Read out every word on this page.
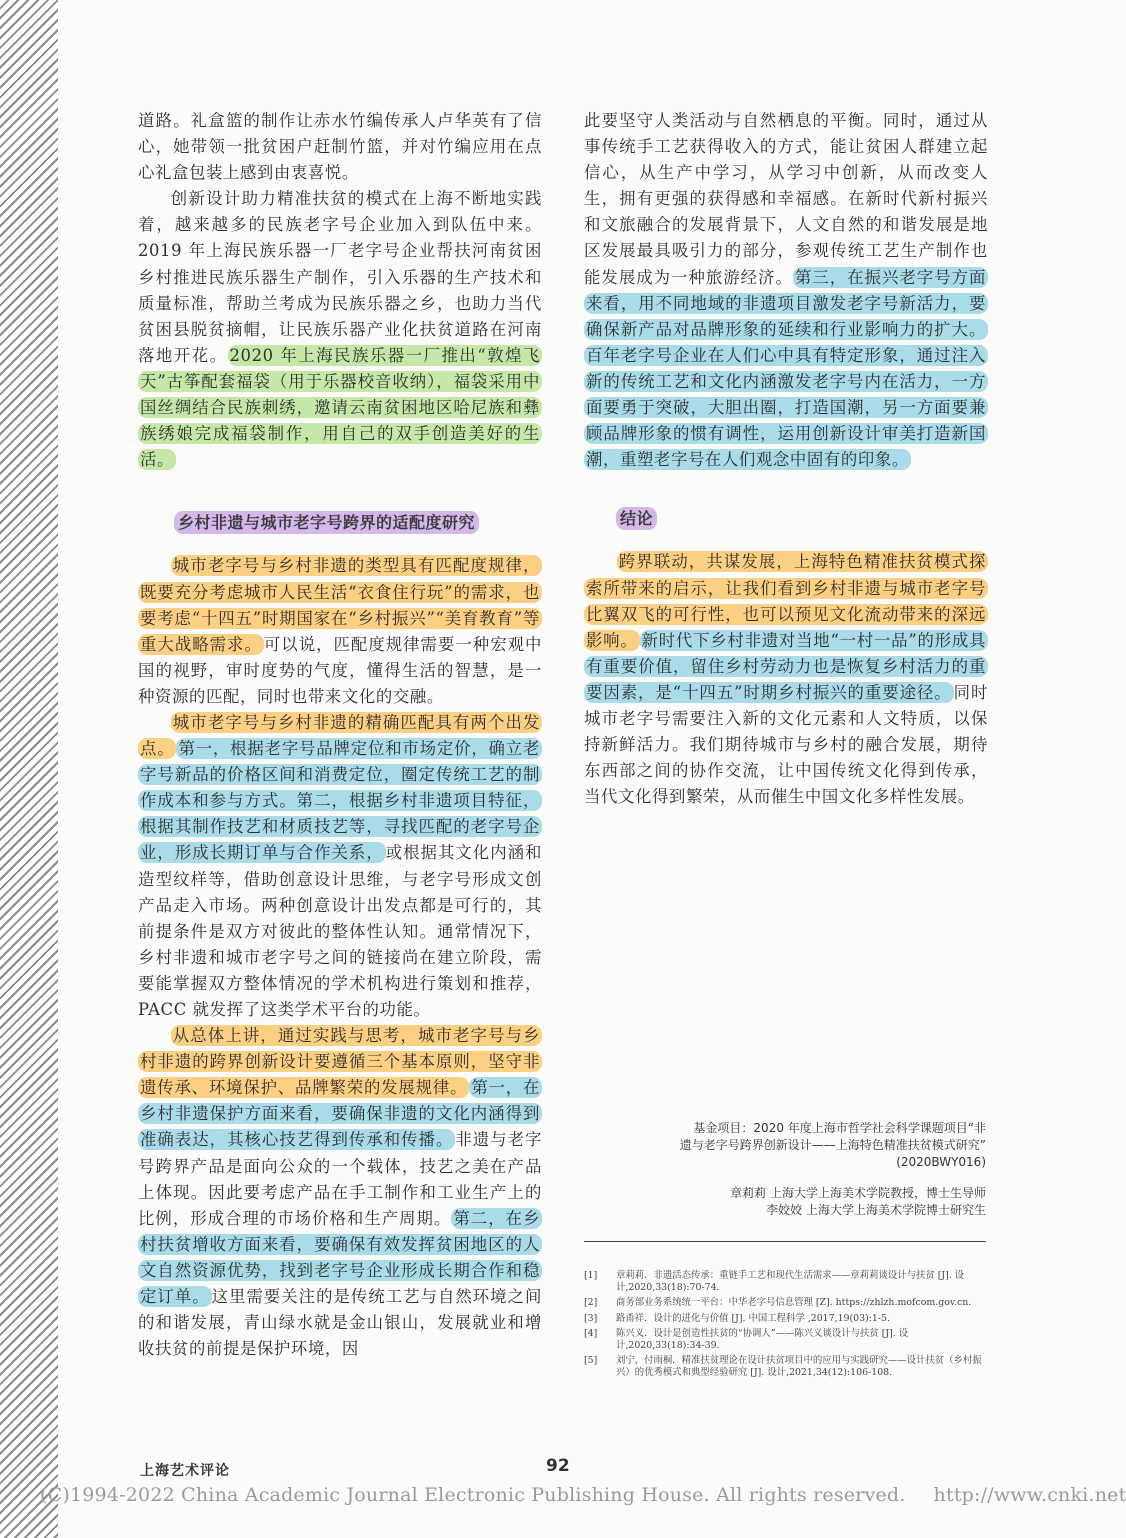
道路。礼盒篮的制作让赤水竹编传承人卢华英有了信心，她带领一批贫困户赶制竹篮，并对竹编应用在点心礼盒包装上感到由衷喜悦。

创新设计助力精准扶贫的模式在上海不断地实践着，越来越多的民族老字号企业加入到队伍中来。2019 年上海民族乐器一厂老字号企业帮扶河南贫困乡村推进民族乐器生产制作，引入乐器的生产技术和质量标准，帮助兰考成为民族乐器之乡，也助力当代贫困县脱贫摘帽，让民族乐器产业化扶贫道路在河南落地开花。 2020 年上海民族乐器一厂推出“敦煌飞天”古筝配套福袋（用于乐器校音收纳），福袋采用中国丝绸结合民族刺绣，邀请云南贫困地区哈尼族和彝族绣娘完成福袋制作，用自己的双手创造美好的生活。

乡村非遗与城市老字号跨界的适配度研究

城市老字号与乡村非遗的类型具有匹配度规律，既要充分考虑城市人民生活“衣食住行玩”的需求，也要考虑“十四五”时期国家在“乡村振兴”“美育教育”等重大战略需求。 可以说，匹配度规律需要一种宏观中国的视野，审时度势的气度，懂得生活的智慧，是一种资源的匹配，同时也带来文化的交融。

城市老字号与乡村非遗的精确匹配具有两个出发点。 第一，根据老字号品牌定位和市场定价，确立老字号新品的价格区间和消费定位，圈定传统工艺的制作成本和参与方式。第二，根据乡村非遗项目特征，根据其制作技艺和材质技艺等，寻找匹配的老字号企业，形成长期订单与合作关系， 或根据其文化内涵和造型纹样等，借助创意设计思维，与老字号形成文创产品走入市场。两种创意设计出发点都是可行的，其前提条件是双方对彼此的整体性认知。通常情况下，乡村非遗和城市老字号之间的链接尚在建立阶段，需要能掌握双方整体情况的学术机构进行策划和推荐，PACC 就发挥了这类学术平台的功能。

从总体上讲，通过实践与思考，城市老字号与乡村非遗的跨界创新设计要遵循三个基本原则，坚守非遗传承、环境保护、品牌繁荣的发展规律。 第一，在乡村非遗保护方面来看，要确保非遗的文化内涵得到准确表达，其核心技艺得到传承和传播。 非遗与老字号跨界产品是面向公众的一个载体，技艺之美在产品上体现。因此要考虑产品在手工制作和工业生产上的比例，形成合理的市场价格和生产周期。 第二，在乡村扶贫增收方面来看，要确保有效发挥贫困地区的人文自然资源优势，找到老字号企业形成长期合作和稳定订单。 这里需要关注的是传统工艺与自然环境之间的和谐发展，青山绿水就是金山银山，发展就业和增收扶贫的前提是保护环境，因

此要坚守人类活动与自然栖息的平衡。同时，通过从事传统手工艺获得收入的方式，能让贫困人群建立起信心，从生产中学习，从学习中创新，从而改变人生，拥有更强的获得感和幸福感。在新时代新村振兴和文旅融合的发展背景下，人文自然的和谐发展是地区发展最具吸引力的部分，参观传统工艺生产制作也能发展成为一种旅游经济。 第三，在振兴老字号方面来看，用不同地域的非遗项目激发老字号新活力，要确保新产品对品牌形象的延续和行业影响力的扩大。百年老字号企业在人们心中具有特定形象，通过注入新的传统工艺和文化内涵激发老字号内在活力，一方面要勇于突破，大胆出圈，打造国潮，另一方面要兼顾品牌形象的惯有调性，运用创新设计审美打造新国潮，重塑老字号在人们观念中固有的印象。

结论

跨界联动，共谋发展，上海特色精准扶贫模式探索所带来的启示，让我们看到乡村非遗与城市老字号比翼双飞的可行性，也可以预见文化流动带来的深远影响。 新时代下乡村非遗对当地“一村一品”的形成具有重要价值，留住乡村劳动力也是恢复乡村活力的重要因素，是“十四五”时期乡村振兴的重要途径。 同时城市老字号需要注入新的文化元素和人文特质，以保持新鲜活力。我们期待城市与乡村的融合发展，期待东西部之间的协作交流，让中国传统文化得到传承，当代文化得到繁荣，从而催生中国文化多样性发展。

基金项目：2020 年度上海市哲学社会科学课题项目“非
遗与老字号跨界创新设计——上海特色精准扶贫模式研究”
(2020BWY016)
章莉莉 上海大学上海美术学院教授，博士生导师
李姣姣 上海大学上海美术学院博士研究生
[1]	章莉莉．非遗活态传承：重链手工艺和现代生活需求——章莉莉谈设计与扶贫 [J]. 设计,2020,33(18):70-74.
[2]	商务部业务系统统一平台：中华老字号信息管理 [Z]. https://zhlzh.mofcom.gov.cn.
[3]	路甬祥．设计的进化与价值 [J]. 中国工程科学 ,2017,19(03):1-5.
[4]	陈兴义．设计是创造性扶贫的“协调人”——陈兴义谈设计与扶贫 [J]. 设计,2020,33(18):34-39.
[5]	刘宁，付雨桐．精准扶贫理论在设计扶贫项目中的应用与实践研究——设计扶贫（乡村振兴）的优秀模式和典型经验研究 [J]. 设计,2021,34(12):106-108.
上海艺术评论	92
(C)1994-2022 China Academic Journal Electronic Publishing House. All rights reserved. http://www.cnki.net
